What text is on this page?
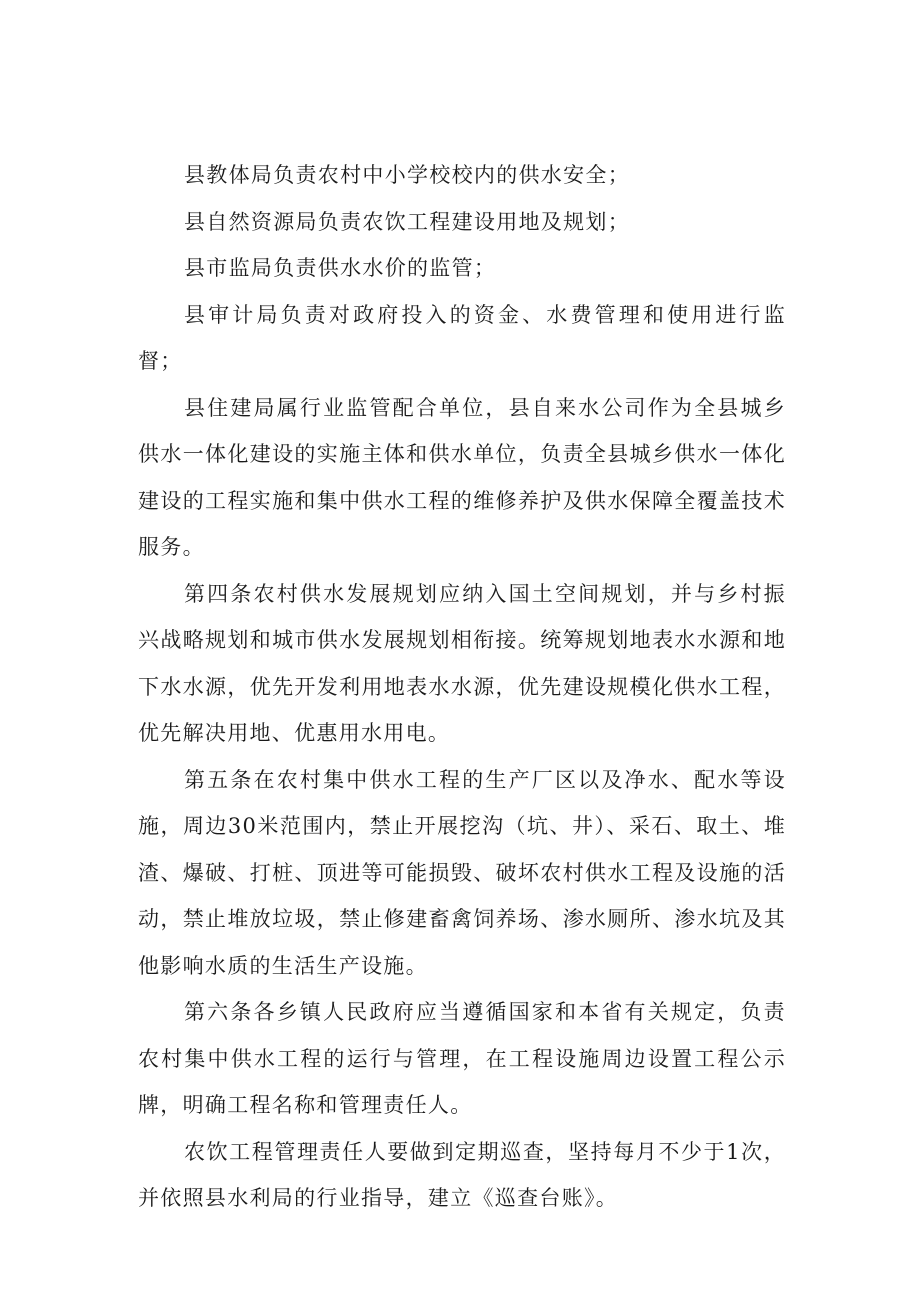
县教体局负责农村中小学校校内的供水安全；

县自然资源局负责农饮工程建设用地及规划；

县市监局负责供水水价的监管；

县审计局负责对政府投入的资金、水费管理和使用进行监督；

县住建局属行业监管配合单位，县自来水公司作为全县城乡供水一体化建设的实施主体和供水单位，负责全县城乡供水一体化建设的工程实施和集中供水工程的维修养护及供水保障全覆盖技术服务。

第四条农村供水发展规划应纳入国土空间规划，并与乡村振兴战略规划和城市供水发展规划相衔接。统筹规划地表水水源和地下水水源，优先开发利用地表水水源，优先建设规模化供水工程，优先解决用地、优惠用水用电。

第五条在农村集中供水工程的生产厂区以及净水、配水等设施，周边30米范围内，禁止开展挖沟（坑、井）、采石、取土、堆渣、爆破、打桩、顶进等可能损毁、破坏农村供水工程及设施的活动，禁止堆放垃圾，禁止修建畜禽饲养场、渗水厕所、渗水坑及其他影响水质的生活生产设施。

第六条各乡镇人民政府应当遵循国家和本省有关规定，负责农村集中供水工程的运行与管理，在工程设施周边设置工程公示牌，明确工程名称和管理责任人。

农饮工程管理责任人要做到定期巡查，坚持每月不少于1次，并依照县水利局的行业指导，建立《巡查台账》。
